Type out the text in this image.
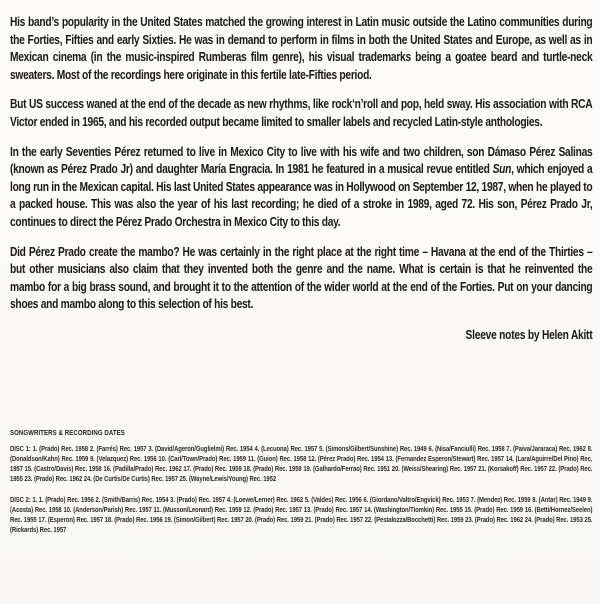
His band’s popularity in the United States matched the growing interest in Latin music outside the Latino communities during the Forties, Fifties and early Sixties. He was in demand to perform in films in both the United States and Europe, as well as in Mexican cinema (in the music-inspired Rumberas film genre), his visual trademarks being a goatee beard and turtle-neck sweaters. Most of the recordings here originate in this fertile late-Fifties period.

But US success waned at the end of the decade as new rhythms, like rock‘n’roll and pop, held sway. His association with RCA Victor ended in 1965, and his recorded output became limited to smaller labels and recycled Latin-style anthologies.

In the early Seventies Pérez returned to live in Mexico City to live with his wife and two children, son Dámaso Pérez Salinas (known as Pérez Prado Jr) and daughter María Engracia. In 1981 he featured in a musical revue entitled Sun, which enjoyed a long run in the Mexican capital. His last United States appearance was in Hollywood on September 12, 1987, when he played to a packed house. This was also the year of his last recording; he died of a stroke in 1989, aged 72. His son, Pérez Prado Jr, continues to direct the Pérez Prado Orchestra in Mexico City to this day.

Did Pérez Prado create the mambo? He was certainly in the right place at the right time – Havana at the end of the Thirties – but other musicians also claim that they invented both the genre and the name. What is certain is that he reinvented the mambo for a big brass sound, and brought it to the attention of the wider world at the end of the Forties. Put on your dancing shoes and mambo along to this selection of his best.

Sleeve notes by Helen Akitt
SONGWRITERS & RECORDING DATES
DISC 1: 1. (Prado) Rec. 1958 2. (Farrés) Rec. 1957 3. (David/Ageron/Guglielmi) Rec. 1954 4. (Lecuona) Rec. 1957 5. (Simons/Gilbert/Sunshine) Rec. 1949 6. (Nisa/Fanciulli) Rec. 1958 7. (Paiva/Jararaca) Rec. 1962 8. (Donaldson/Kahn) Rec. 1959 9. (Velazquez) Rec. 1956 10. (Carl/Town/Prado) Rec. 1959 11. (Guion) Rec. 1958 12. (Pérez Prado) Rec. 1954 13. (Fernandez Esperon/Stewart) Rec. 1957 14. (Lara/Aguirre/Del Pino) Rec. 1957 15. (Castro/Davis) Rec. 1958 16. (Padilla/Prado) Rec. 1962 17. (Prado) Rec. 1959 18. (Prado) Rec. 1959 19. (Galhardo/Ferrao) Rec. 1951 20. (Weiss/Shearing) Rec. 1957 21. (Korsakoff) Rec. 1957 22. (Prado) Rec. 1955 23. (Prado) Rec. 1962 24. (De Curtis/De Curtis) Rec. 1957 25. (Wayne/Lewis/Young) Rec. 1952
DISC 2: 1. 1. (Prado) Rec. 1956 2. (Smith/Barris) Rec. 1954 3. (Prado) Rec. 1957 4. (Loewe/Lerner) Rec. 1962 5. (Valdes) Rec. 1956 6. (Giordano/Valtro/Engvick) Rec. 1953 7. (Mendez) Rec. 1959 8. (Antar) Rec. 1949 9. (Acosta) Rec. 1958 10. (Anderson/Parish) Rec. 1957 11. (Musson/Leonard) Rec. 1959 12. (Prado) Rec. 1957 13. (Prado) Rec. 1957 14. (Washington/Tiomkin) Rec. 1955 15. (Prado) Rec. 1959 16. (Betti/Hornez/Seelen) Rec. 1955 17. (Esperon) Rec. 1957 18. (Prado) Rec. 1956 19. (Simon/Gilbert) Rec. 1957 20. (Prado) Rec. 1959 21. (Prado) Rec. 1957 22. (Pestalozza/Bocchetti) Rec. 1959 23. (Prado) Rec. 1962 24. (Prado) Rec. 1953 25. (Rickards) Rec. 1957
